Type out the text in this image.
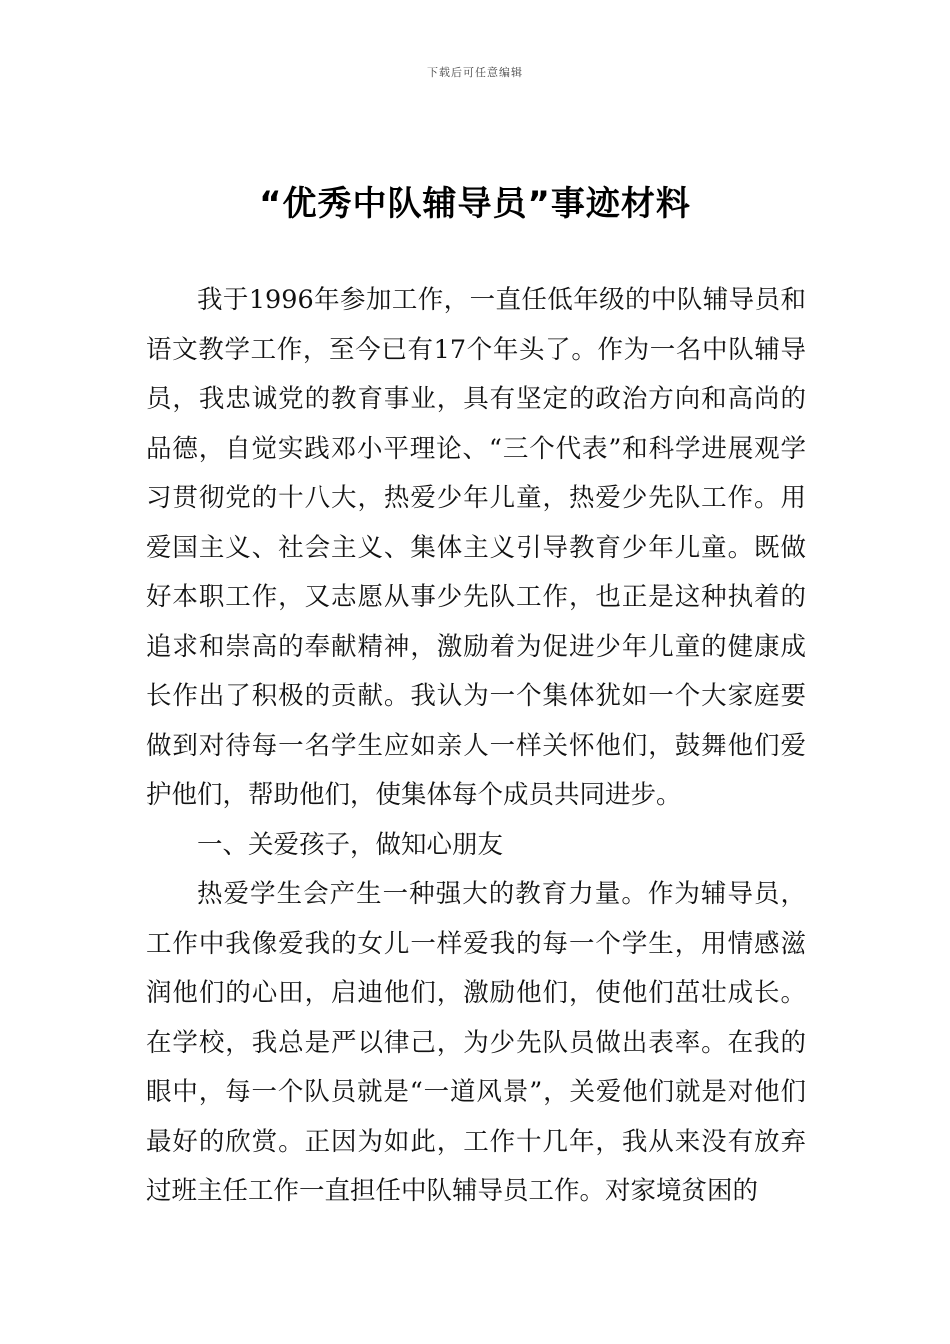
下载后可任意编辑
“优秀中队辅导员”事迹材料

我于1996年参加工作，一直任低年级的中队辅导员和语文教学工作，至今已有17个年头了。作为一名中队辅导员，我忠诚党的教育事业，具有坚定的政治方向和高尚的品德，自觉实践邓小平理论、“三个代表”和科学进展观学习贯彻党的十八大，热爱少年儿童，热爱少先队工作。用爱国主义、社会主义、集体主义引导教育少年儿童。既做好本职工作，又志愿从事少先队工作，也正是这种执着的追求和崇高的奉献精神，激励着为促进少年儿童的健康成长作出了积极的贡献。我认为一个集体犹如一个大家庭要做到对待每一名学生应如亲人一样关怀他们，鼓舞他们爱护他们，帮助他们，使集体每个成员共同进步。

一、关爱孩子，做知心朋友

热爱学生会产生一种强大的教育力量。作为辅导员，工作中我像爱我的女儿一样爱我的每一个学生，用情感滋润他们的心田，启迪他们，激励他们，使他们茁壮成长。在学校，我总是严以律己，为少先队员做出表率。在我的眼中，每一个队员就是“一道风景”，关爱他们就是对他们最好的欣赏。正因为如此，工作十几年，我从来没有放弃过班主任工作一直担任中队辅导员工作。对家境贫困的
